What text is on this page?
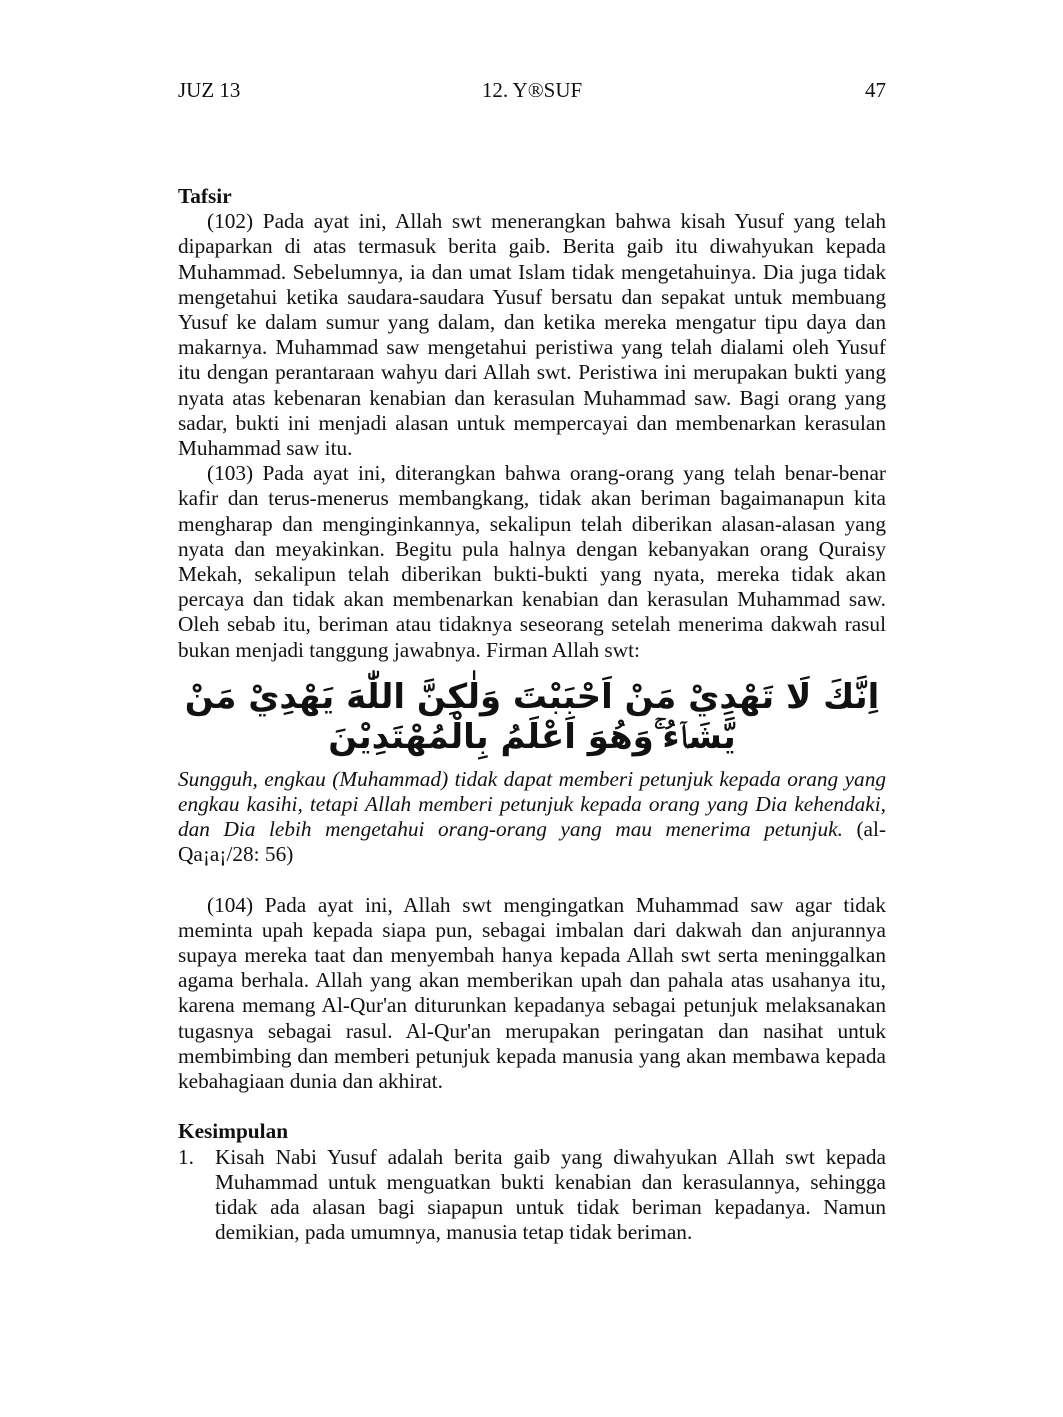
JUZ 13	12. Y®SUF	47
Tafsir

(102) Pada ayat ini, Allah swt menerangkan bahwa kisah Yusuf yang telah dipaparkan di atas termasuk berita gaib. Berita gaib itu diwahyukan kepada Muhammad. Sebelumnya, ia dan umat Islam tidak mengetahuinya. Dia juga tidak mengetahui ketika saudara-saudara Yusuf bersatu dan sepakat untuk membuang Yusuf ke dalam sumur yang dalam, dan ketika mereka mengatur tipu daya dan makarnya. Muhammad saw mengetahui peristiwa yang telah dialami oleh Yusuf itu dengan perantaraan wahyu dari Allah swt. Peristiwa ini merupakan bukti yang nyata atas kebenaran kenabian dan kerasulan Muhammad saw. Bagi orang yang sadar, bukti ini menjadi alasan untuk mempercayai dan membenarkan kerasulan Muhammad saw itu.

(103) Pada ayat ini, diterangkan bahwa orang-orang yang telah benar-benar kafir dan terus-menerus membangkang, tidak akan beriman bagaimanapun kita mengharap dan menginginkannya, sekalipun telah diberikan alasan-alasan yang nyata dan meyakinkan. Begitu pula halnya dengan kebanyakan orang Quraisy Mekah, sekalipun telah diberikan bukti-bukti yang nyata, mereka tidak akan percaya dan tidak akan membenarkan kenabian dan kerasulan Muhammad saw. Oleh sebab itu, beriman atau tidaknya seseorang setelah menerima dakwah rasul bukan menjadi tanggung jawabnya. Firman Allah swt:

اِنَّكَ لَا تَهْدِيْ مَنْ اَحْبَبْتَ وَلٰكِنَّ اللّٰهَ يَهْدِيْ مَنْ يَّشَاۤءُ ۚوَهُوَ اَعْلَمُ بِالْمُهْتَدِيْنَ

Sungguh, engkau (Muhammad) tidak dapat memberi petunjuk kepada orang yang engkau kasihi, tetapi Allah memberi petunjuk kepada orang yang Dia kehendaki, dan Dia lebih mengetahui orang-orang yang mau menerima petunjuk. (al-Qa¡a¡/28: 56)

(104) Pada ayat ini, Allah swt mengingatkan Muhammad saw agar tidak meminta upah kepada siapa pun, sebagai imbalan dari dakwah dan anjurannya supaya mereka taat dan menyembah hanya kepada Allah swt serta meninggalkan agama berhala. Allah yang akan memberikan upah dan pahala atas usahanya itu, karena memang Al-Qur'an diturunkan kepadanya sebagai petunjuk melaksanakan tugasnya sebagai rasul. Al-Qur'an merupakan peringatan dan nasihat untuk membimbing dan memberi petunjuk kepada manusia yang akan membawa kepada kebahagiaan dunia dan akhirat.

Kesimpulan
1. Kisah Nabi Yusuf adalah berita gaib yang diwahyukan Allah swt kepada Muhammad untuk menguatkan bukti kenabian dan kerasulannya, sehingga tidak ada alasan bagi siapapun untuk tidak beriman kepadanya. Namun demikian, pada umumnya, manusia tetap tidak beriman.
